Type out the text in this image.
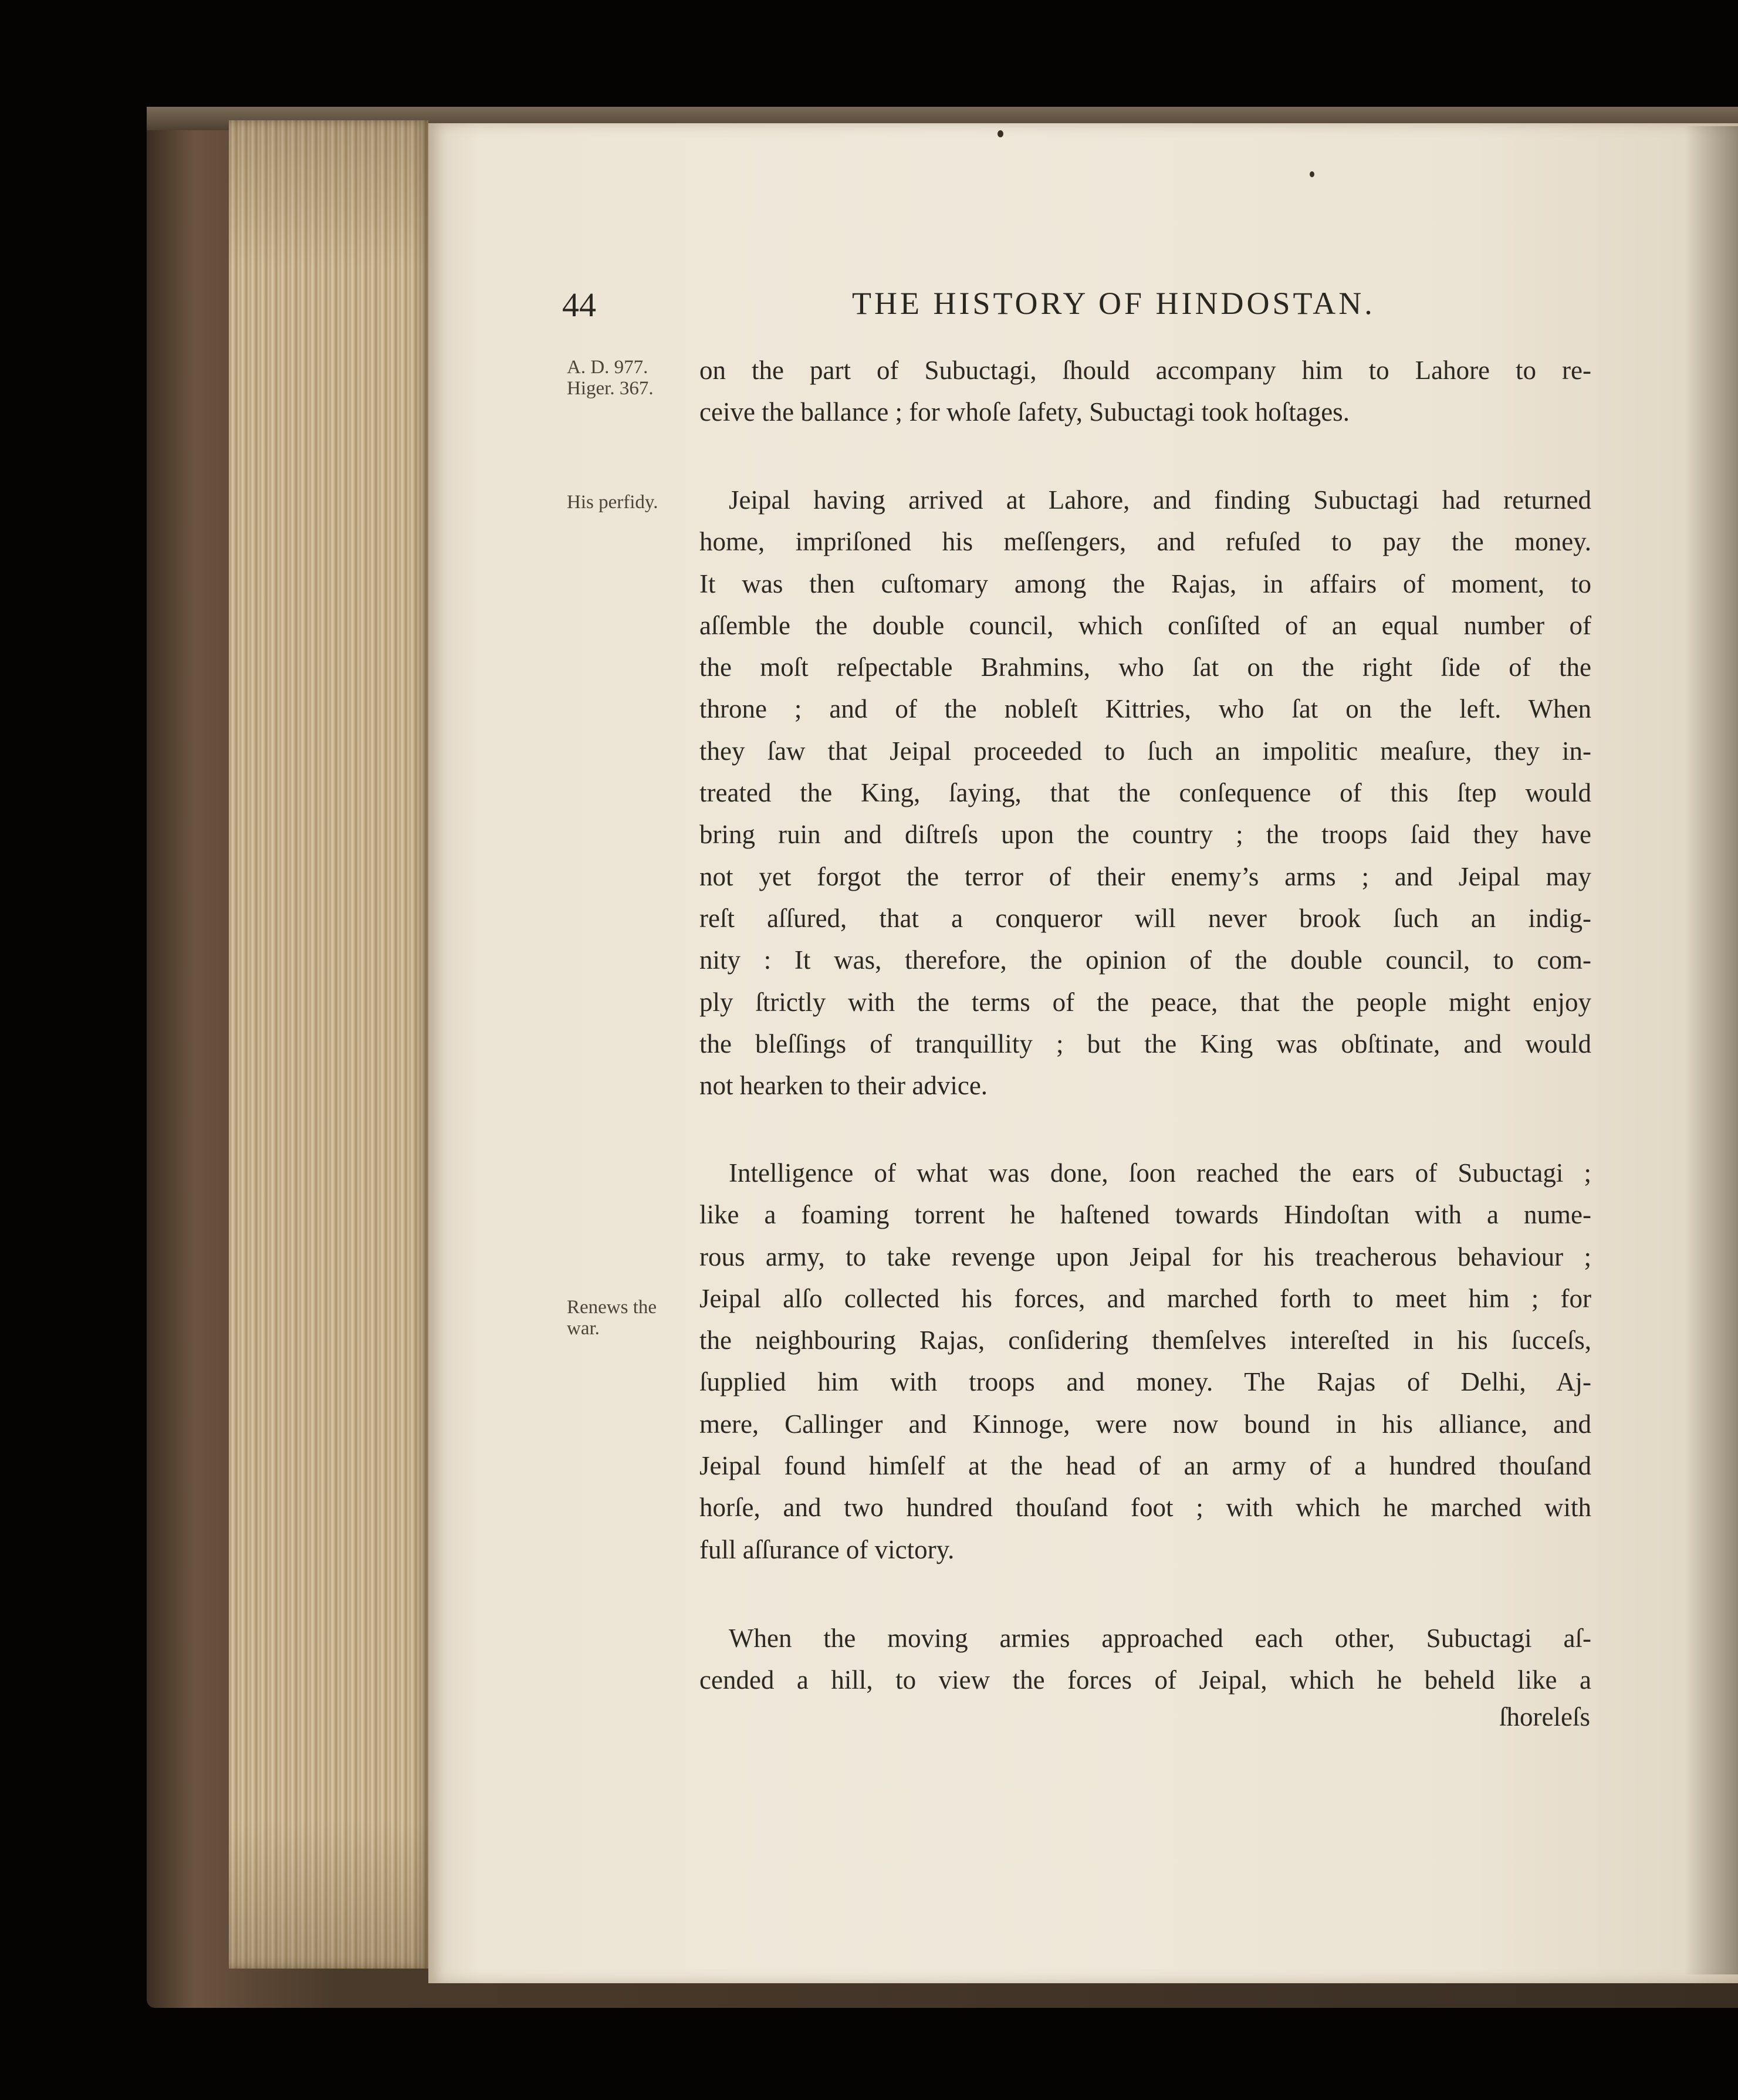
44	THE HISTORY OF HINDOSTAN.
A. D. 977.
Higer. 367.
His perfidy.
Renews the
war.
on the part of Subuctagi, ſhould accompany him to Lahore to re-
ceive the ballance ; for whoſe ſafety, Subuctagi took hoſtages.
Jeipal having arrived at Lahore, and finding Subuctagi had returned
home, impriſoned his meſſengers, and refuſed to pay the money.
It was then cuſtomary among the Rajas, in affairs of moment, to
aſſemble the double council, which conſiſted of an equal number of
the moſt reſpectable Brahmins, who ſat on the right ſide of the
throne ; and of the nobleſt Kittries, who ſat on the left. When
they ſaw that Jeipal proceeded to ſuch an impolitic meaſure, they in-
treated the King, ſaying, that the conſequence of this ſtep would
bring ruin and diſtreſs upon the country ; the troops ſaid they have
not yet forgot the terror of their enemy’s arms ; and Jeipal may
reſt aſſured, that a conqueror will never brook ſuch an indig-
nity : It was, therefore, the opinion of the double council, to com-
ply ſtrictly with the terms of the peace, that the people might enjoy
the bleſſings of tranquillity ; but the King was obſtinate, and would
not hearken to their advice.
Intelligence of what was done, ſoon reached the ears of Subuctagi ;
like a foaming torrent he haſtened towards Hindoſtan with a nume-
rous army, to take revenge upon Jeipal for his treacherous behaviour ;
Jeipal alſo collected his forces, and marched forth to meet him ; for
the neighbouring Rajas, conſidering themſelves intereſted in his ſucceſs,
ſupplied him with troops and money. The Rajas of Delhi, Aj-
mere, Callinger and Kinnoge, were now bound in his alliance, and
Jeipal found himſelf at the head of an army of a hundred thouſand
horſe, and two hundred thouſand foot ; with which he marched with
full aſſurance of victory.
When the moving armies approached each other, Subuctagi aſ-
cended a hill, to view the forces of Jeipal, which he beheld like a
ſhoreleſs
